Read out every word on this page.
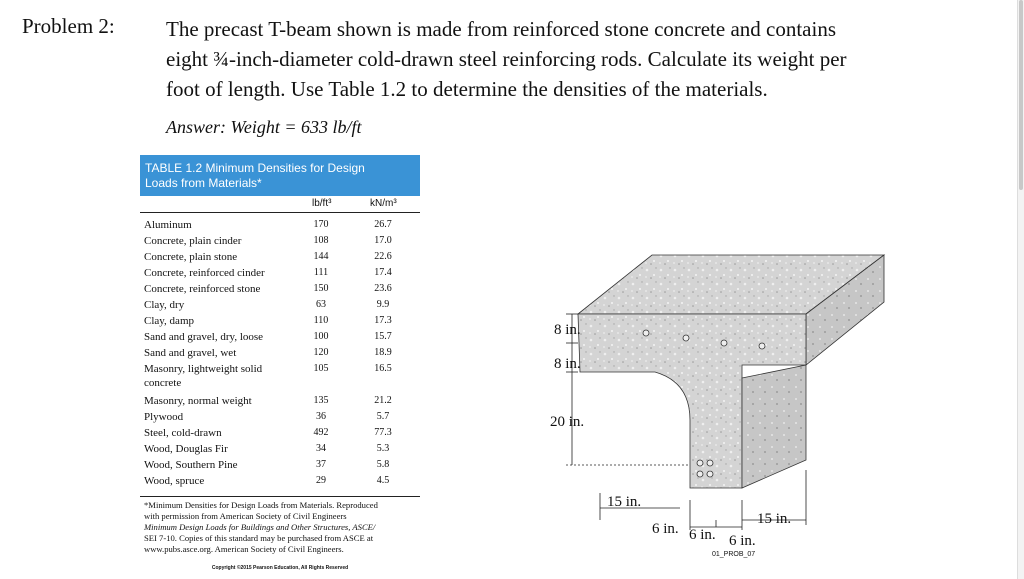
Problem 2: The precast T-beam shown is made from reinforced stone concrete and contains
eight ¾-inch-diameter cold-drawn steel reinforcing rods. Calculate its weight per
foot of length. Use Table 1.2 to determine the densities of the materials.
Answer: Weight = 633 lb/ft
TABLE 1.2 Minimum Densities for Design
Loads from Materials*
lb/ft³	kN/m³
Aluminum	170	26.7
Concrete, plain cinder	108	17.0
Concrete, plain stone	144	22.6
Concrete, reinforced cinder	111	17.4
Concrete, reinforced stone	150	23.6
Clay, dry	63	9.9
Clay, damp	110	17.3
Sand and gravel, dry, loose	100	15.7
Sand and gravel, wet	120	18.9
Masonry, lightweight solid	105	16.5
concrete
Masonry, normal weight	135	21.2
Plywood	36	5.7
Steel, cold-drawn	492	77.3
Wood, Douglas Fir	34	5.3
Wood, Southern Pine	37	5.8
Wood, spruce	29	4.5
*Minimum Densities for Design Loads from Materials. Reproduced
with permission from American Society of Civil Engineers
Minimum Design Loads for Buildings and Other Structures, ASCE/
SEI 7-10. Copies of this standard may be purchased from ASCE at
www.pubs.asce.org. American Society of Civil Engineers.
Copyright ©2015 Pearson Education, All Rights Reserved
8 in.
8 in.
20 in.
15 in.
15 in.
6 in. 6 in. 6 in.
01_PROB_07
